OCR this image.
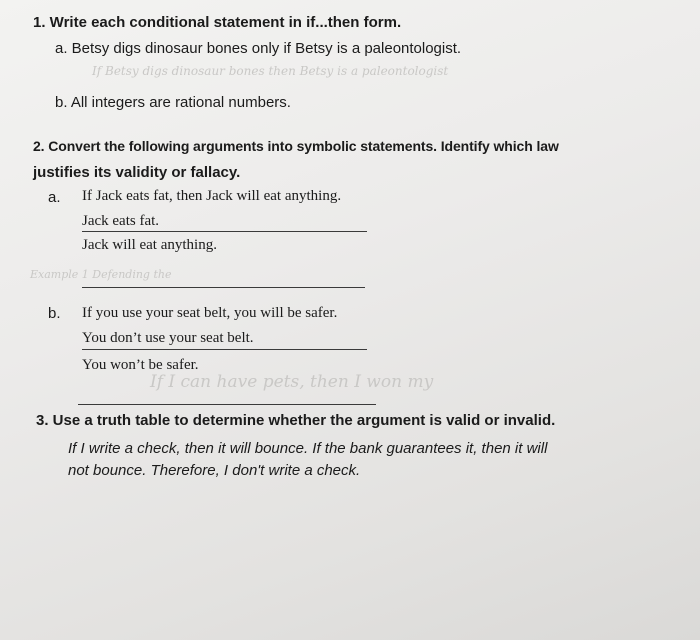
If Betsy digs dinosaur bones then Betsy is a paleontologist
Example 1 Defending the
If I can have pets, then I won my
1. Write each conditional statement in if...then form.
a. Betsy digs dinosaur bones only if Betsy is a paleontologist.
b. All integers are rational numbers.
2. Convert the following arguments into symbolic statements. Identify which law
justifies its validity or fallacy.
a. If Jack eats fat, then Jack will eat anything.
Jack eats fat.
Jack will eat anything.
b. If you use your seat belt, you will be safer.
You don’t use your seat belt.
You won’t be safer.
3. Use a truth table to determine whether the argument is valid or invalid.
If I write a check, then it will bounce. If the bank guarantees it, then it will
not bounce. Therefore, I don't write a check.
